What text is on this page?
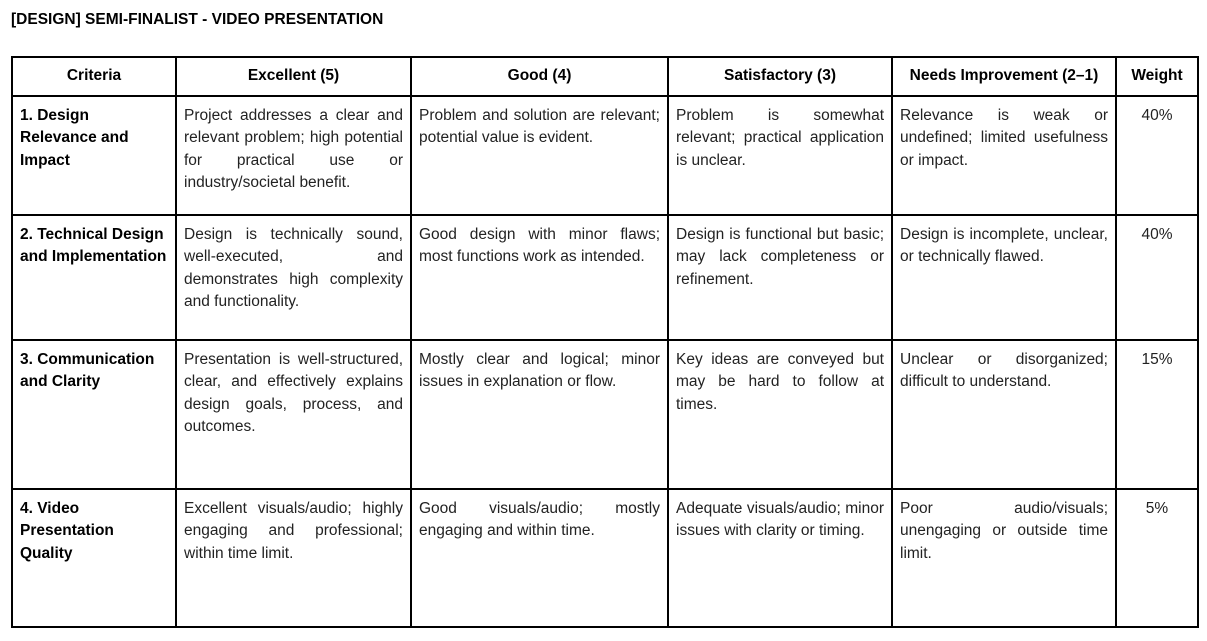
[DESIGN] SEMI-FINALIST - VIDEO PRESENTATION
Criteria	Excellent (5)	Good (4)	Satisfactory (3)	Needs Improvement (2–1)	Weight
1. Design Relevance and Impact	Project addresses a clear and relevant problem; high potential for practical use or industry/societal benefit.	Problem and solution are relevant; potential value is evident.	Problem is somewhat relevant; practical application is unclear.	Relevance is weak or undefined; limited usefulness or impact.	40%
2. Technical Design and Implementation	Design is technically sound, well-executed, and demonstrates high complexity and functionality.	Good design with minor flaws; most functions work as intended.	Design is functional but basic; may lack completeness or refinement.	Design is incomplete, unclear, or technically flawed.	40%
3. Communication and Clarity	Presentation is well-structured, clear, and effectively explains design goals, process, and outcomes.	Mostly clear and logical; minor issues in explanation or flow.	Key ideas are conveyed but may be hard to follow at times.	Unclear or disorganized; difficult to understand.	15%
4. Video Presentation Quality	Excellent visuals/audio; highly engaging and professional; within time limit.	Good visuals/audio; mostly engaging and within time.	Adequate visuals/audio; minor issues with clarity or timing.	Poor audio/visuals; unengaging or outside time limit.	5%
